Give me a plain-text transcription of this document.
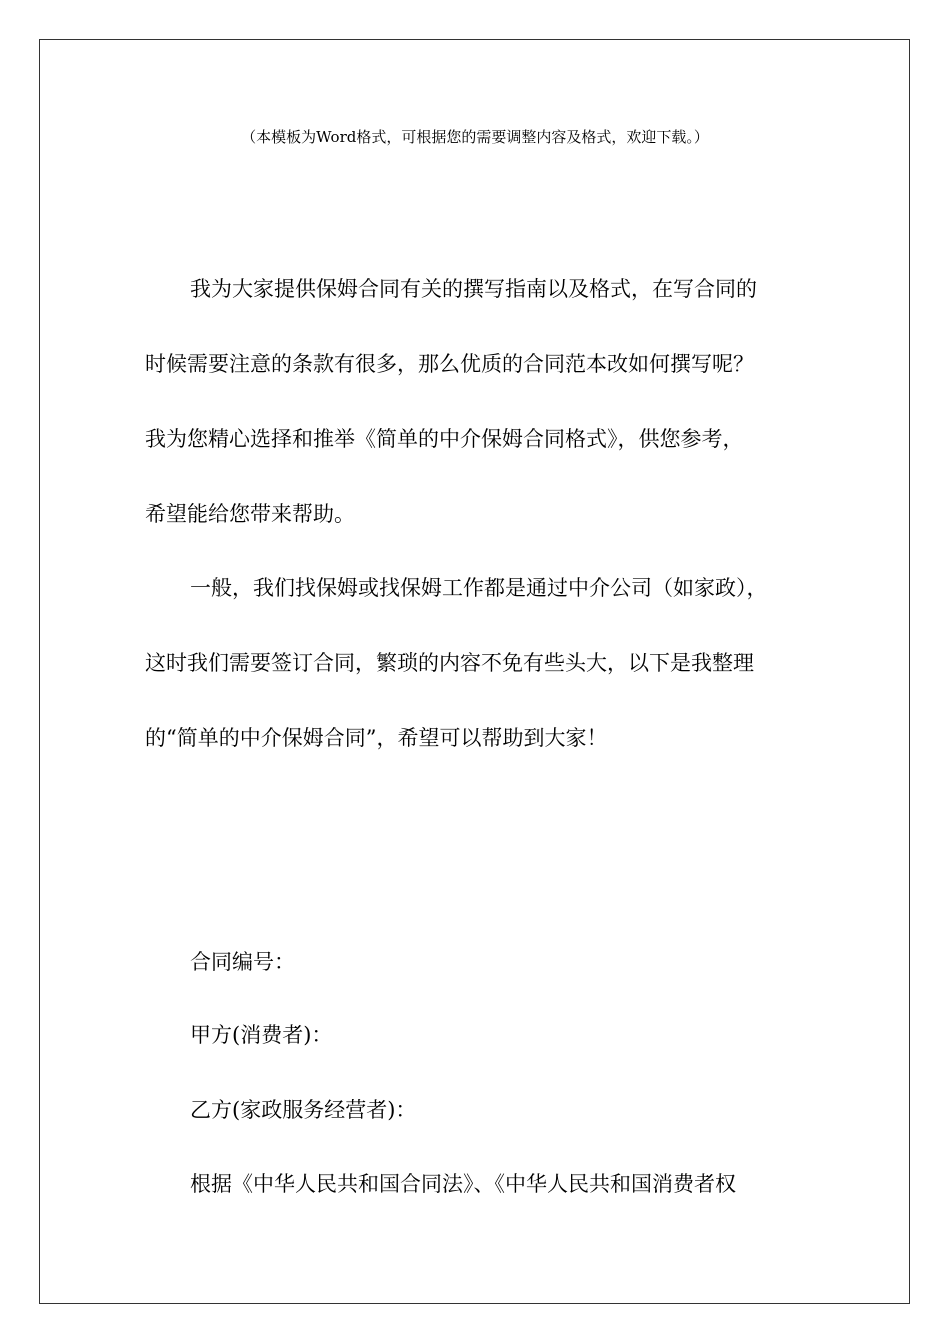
（本模板为Word格式，可根据您的需要调整内容及格式，欢迎下载。）
我为大家提供保姆合同有关的撰写指南以及格式，在写合同的
时候需要注意的条款有很多，那么优质的合同范本改如何撰写呢？
我为您精心选择和推举《简单的中介保姆合同格式》，供您参考，
希望能给您带来帮助。
一般，我们找保姆或找保姆工作都是通过中介公司（如家政），
这时我们需要签订合同，繁琐的内容不免有些头大，以下是我整理
的“简单的中介保姆合同”，希望可以帮助到大家！
合同编号：
甲方(消费者)：
乙方(家政服务经营者)：
根据《中华人民共和国合同法》、《中华人民共和国消费者权
